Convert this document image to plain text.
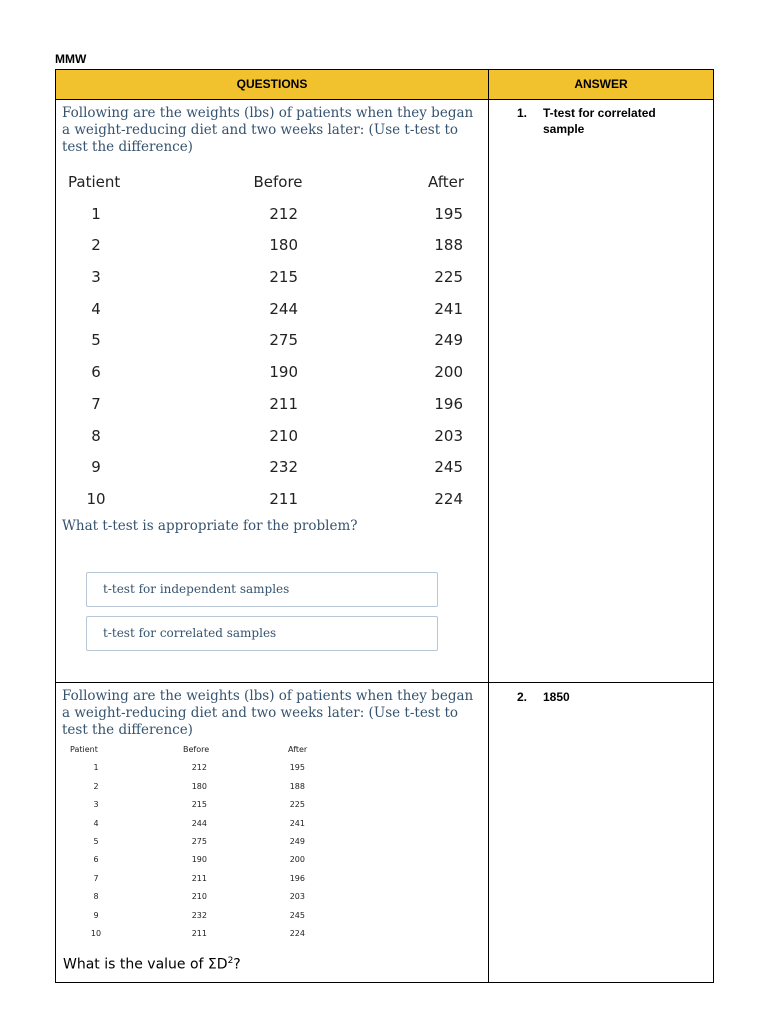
MMW
QUESTIONS	ANSWER
Following are the weights (lbs) of patients when they began a weight-reducing diet and two weeks later: (Use t-test to test the difference)
Patient	Before	After
1	212	195
2	180	188
3	215	225
4	244	241
5	275	249
6	190	200
7	211	196
8	210	203
9	232	245
10	211	224
What t-test is appropriate for the problem?
t-test for independent samples
t-test for correlated samples
1. T-test for correlated sample
Following are the weights (lbs) of patients when they began a weight-reducing diet and two weeks later: (Use t-test to test the difference)
Patient	Before	After
1	212	195
2	180	188
3	215	225
4	244	241
5	275	249
6	190	200
7	211	196
8	210	203
9	232	245
10	211	224
What is the value of $\Sigma D^2$?
2. 1850
